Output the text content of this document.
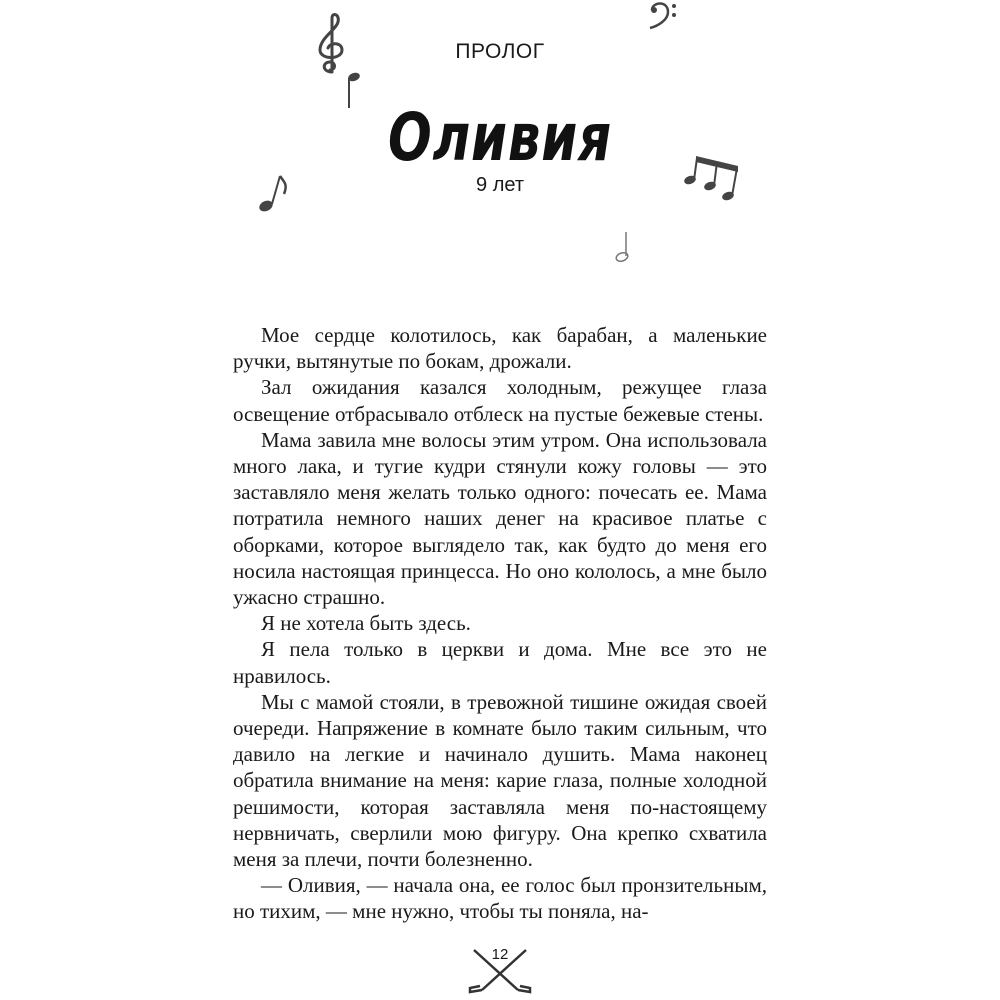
ПРОЛОГ
Оливия
9 лет

Мое сердце колотилось, как барабан, а маленькие ручки, вытянутые по бокам, дрожали.

Зал ожидания казался холодным, режущее глаза освещение отбрасывало отблеск на пустые бежевые стены.

Мама завила мне волосы этим утром. Она использовала много лака, и тугие кудри стянули кожу головы — это заставляло меня желать только одного: почесать ее. Мама потратила немного наших денег на красивое платье с оборками, которое выглядело так, как будто до меня его носила настоящая принцесса. Но оно кололось, а мне было ужасно страшно.

Я не хотела быть здесь.

Я пела только в церкви и дома. Мне все это не нравилось.

Мы с мамой стояли, в тревожной тишине ожидая своей очереди. Напряжение в комнате было таким сильным, что давило на легкие и начинало душить. Мама наконец обратила внимание на меня: карие глаза, полные холодной решимости, которая заставляла меня по-настоящему нервничать, сверлили мою фигуру. Она крепко схватила меня за плечи, почти болезненно.

— Оливия, — начала она, ее голос был пронзительным, но тихим, — мне нужно, чтобы ты поняла, на-

12
